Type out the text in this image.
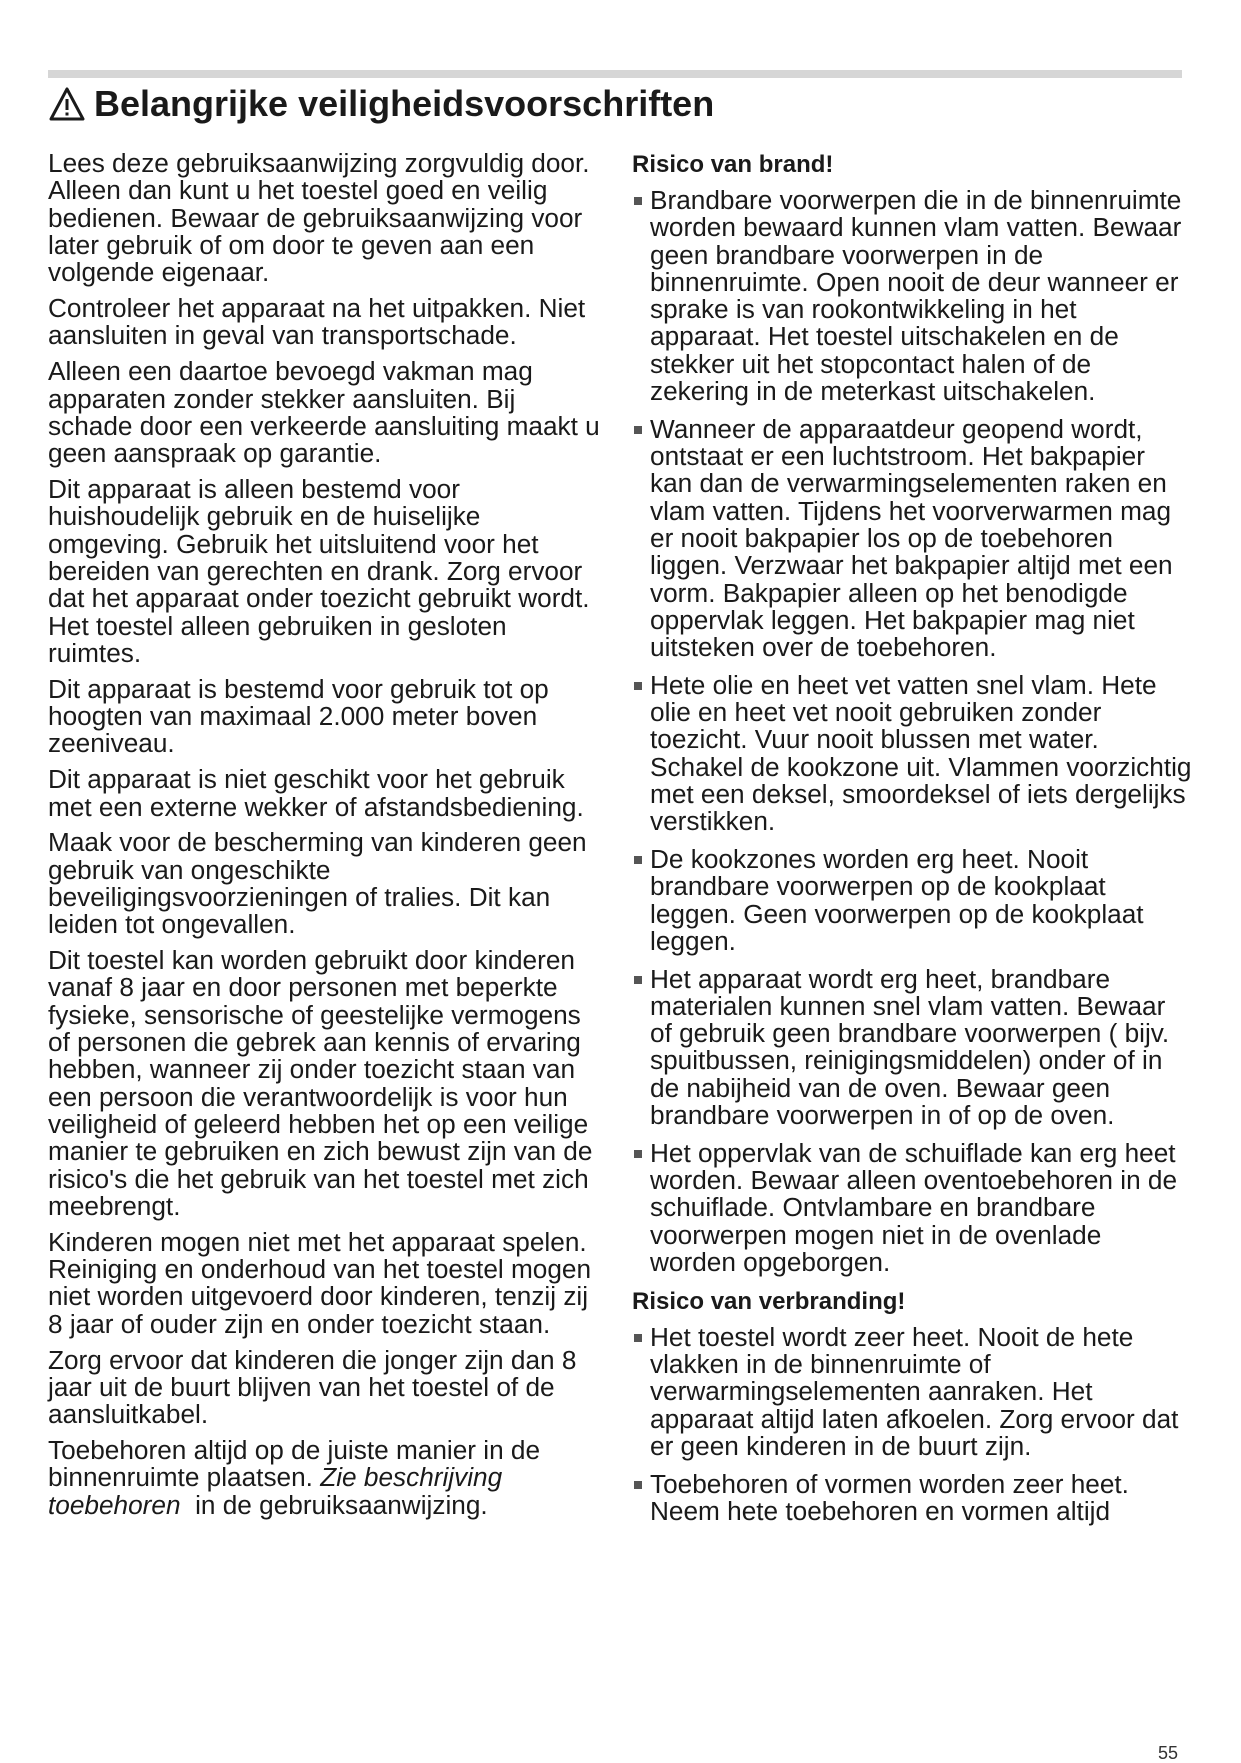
Belangrijke veiligheidsvoorschriften

Lees deze gebruiksaanwijzing zorgvuldig door. Alleen dan kunt u het toestel goed en veilig bedienen. Bewaar de gebruiksaanwijzing voor later gebruik of om door te geven aan een volgende eigenaar.

Controleer het apparaat na het uitpakken. Niet aansluiten in geval van transportschade.

Alleen een daartoe bevoegd vakman mag apparaten zonder stekker aansluiten. Bij schade door een verkeerde aansluiting maakt u geen aanspraak op garantie.

Dit apparaat is alleen bestemd voor huishoudelijk gebruik en de huiselijke omgeving. Gebruik het uitsluitend voor het bereiden van gerechten en drank. Zorg ervoor dat het apparaat onder toezicht gebruikt wordt. Het toestel alleen gebruiken in gesloten ruimtes.

Dit apparaat is bestemd voor gebruik tot op hoogten van maximaal 2.000 meter boven zeeniveau.

Dit apparaat is niet geschikt voor het gebruik met een externe wekker of afstandsbediening.

Maak voor de bescherming van kinderen geen gebruik van ongeschikte beveiligingsvoorzieningen of tralies. Dit kan leiden tot ongevallen.

Dit toestel kan worden gebruikt door kinderen vanaf 8 jaar en door personen met beperkte fysieke, sensorische of geestelijke vermogens of personen die gebrek aan kennis of ervaring hebben, wanneer zij onder toezicht staan van een persoon die verantwoordelijk is voor hun veiligheid of geleerd hebben het op een veilige manier te gebruiken en zich bewust zijn van de risico's die het gebruik van het toestel met zich meebrengt.

Kinderen mogen niet met het apparaat spelen. Reiniging en onderhoud van het toestel mogen niet worden uitgevoerd door kinderen, tenzij zij 8 jaar of ouder zijn en onder toezicht staan.

Zorg ervoor dat kinderen die jonger zijn dan 8 jaar uit de buurt blijven van het toestel of de aansluitkabel.

Toebehoren altijd op de juiste manier in de binnenruimte plaatsen. Zie beschrijving toebehoren  in de gebruiksaanwijzing.

Risico van brand!
Brandbare voorwerpen die in de binnenruimte worden bewaard kunnen vlam vatten. Bewaar geen brandbare voorwerpen in de binnenruimte. Open nooit de deur wanneer er sprake is van rookontwikkeling in het apparaat. Het toestel uitschakelen en de stekker uit het stopcontact halen of de zekering in de meterkast uitschakelen.
Wanneer de apparaatdeur geopend wordt, ontstaat er een luchtstroom. Het bakpapier kan dan de verwarmingselementen raken en vlam vatten. Tijdens het voorverwarmen mag er nooit bakpapier los op de toebehoren liggen. Verzwaar het bakpapier altijd met een vorm. Bakpapier alleen op het benodigde oppervlak leggen. Het bakpapier mag niet uitsteken over de toebehoren.
Hete olie en heet vet vatten snel vlam. Hete olie en heet vet nooit gebruiken zonder toezicht. Vuur nooit blussen met water. Schakel de kookzone uit. Vlammen voorzichtig met een deksel, smoordeksel of iets dergelijks verstikken.
De kookzones worden erg heet. Nooit brandbare voorwerpen op de kookplaat leggen. Geen voorwerpen op de kookplaat leggen.
Het apparaat wordt erg heet, brandbare materialen kunnen snel vlam vatten. Bewaar of gebruik geen brandbare voorwerpen ( bijv. spuitbussen, reinigingsmiddelen) onder of in de nabijheid van de oven. Bewaar geen brandbare voorwerpen in of op de oven.
Het oppervlak van de schuiflade kan erg heet worden. Bewaar alleen oventoebehoren in de schuiflade. Ontvlambare en brandbare voorwerpen mogen niet in de ovenlade worden opgeborgen.
Risico van verbranding!
Het toestel wordt zeer heet. Nooit de hete vlakken in de binnenruimte of verwarmingselementen aanraken. Het apparaat altijd laten afkoelen. Zorg ervoor dat er geen kinderen in de buurt zijn.
Toebehoren of vormen worden zeer heet. Neem hete toebehoren en vormen altijd
55
